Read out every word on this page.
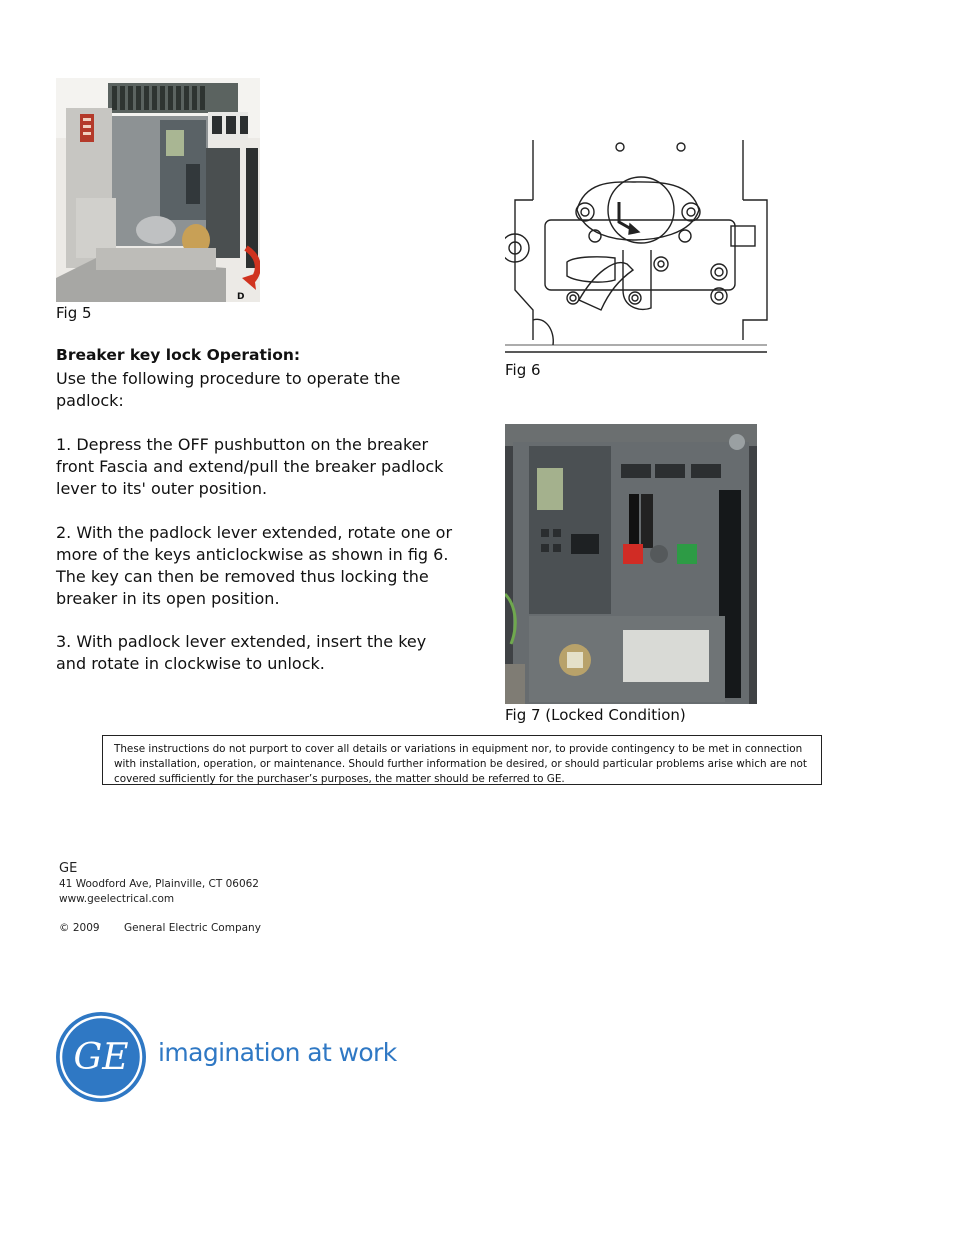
D
Fig 5
Breaker key lock Operation:
Use the following procedure to operate the padlock:
1. Depress the OFF pushbutton on the breaker front Fascia and extend/pull the breaker padlock lever to its' outer position.
2. With the padlock lever extended, rotate one or more of the keys anticlockwise as shown in fig 6. The key can then be removed thus locking the breaker in its open position.
3. With padlock lever extended, insert the key and rotate in clockwise to unlock.
Fig 6
Fig 7 (Locked Condition)
These instructions do not purport to cover all details or variations in equipment nor, to provide contingency to be met in connection with installation, operation, or maintenance. Should further information be desired, or should particular problems arise which are not covered sufficiently for the purchaser’s purposes, the matter should be referred to GE.
GE
41 Woodford Ave, Plainville, CT 06062
www.geelectrical.com
© 2009 General Electric Company
GE imagination at work
